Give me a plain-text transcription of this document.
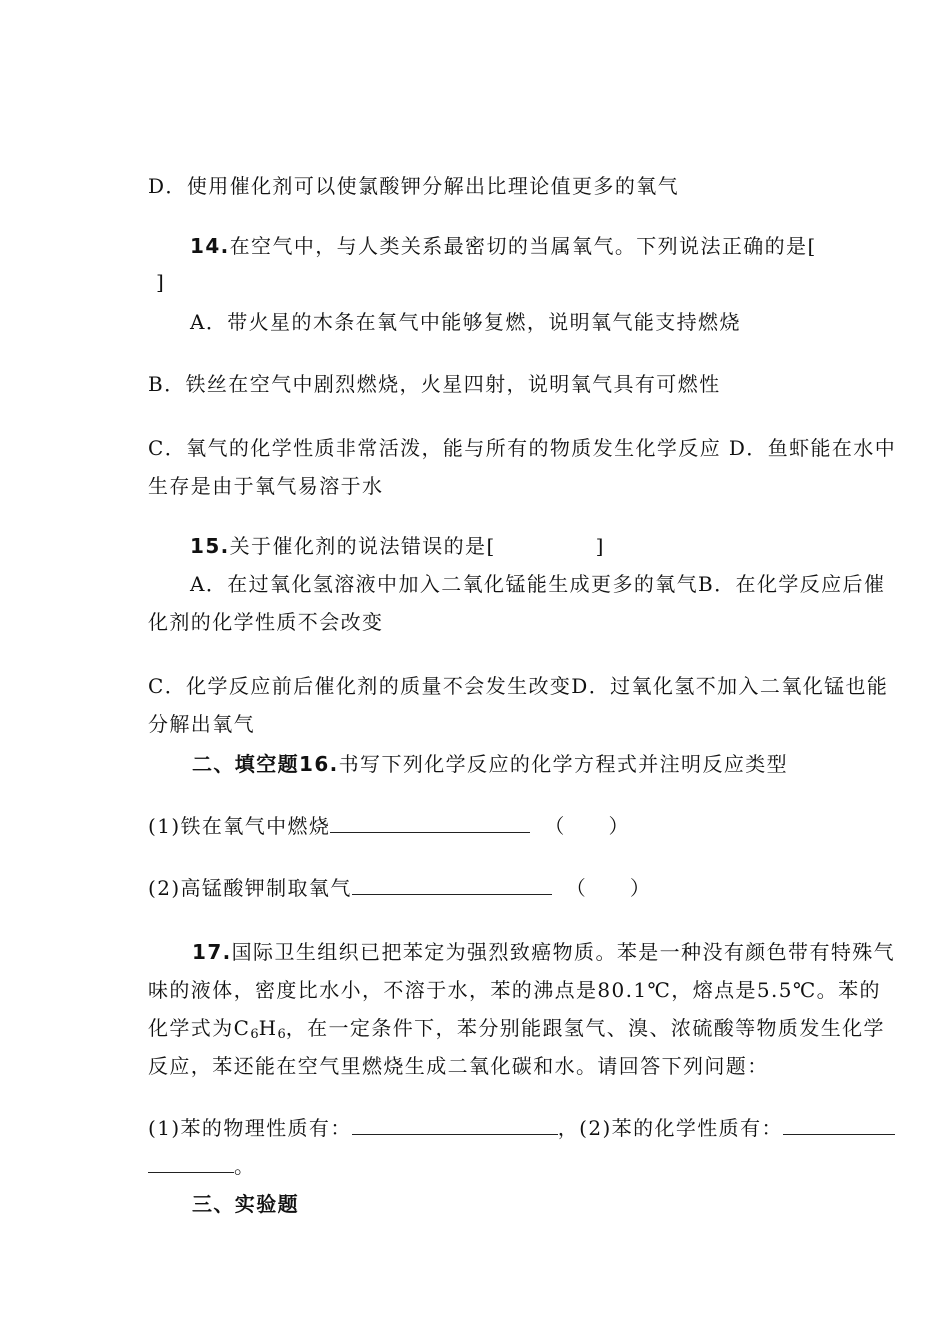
D．使用催化剂可以使氯酸钾分解出比理论值更多的氧气
14.在空气中，与人类关系最密切的当属氧气。下列说法正确的是[
]
A．带火星的木条在氧气中能够复燃，说明氧气能支持燃烧
B．铁丝在空气中剧烈燃烧，火星四射，说明氧气具有可燃性
C．氧气的化学性质非常活泼，能与所有的物质发生化学反应 D．鱼虾能在水中
生存是由于氧气易溶于水
15.关于催化剂的说法错误的是[	]
A．在过氧化氢溶液中加入二氧化锰能生成更多的氧气B．在化学反应后催
化剂的化学性质不会改变
C．化学反应前后催化剂的质量不会发生改变D．过氧化氢不加入二氧化锰也能
分解出氧气
二、填空题16.书写下列化学反应的化学方程式并注明反应类型
(1)铁在氧气中燃烧	（　　）
(2)高锰酸钾制取氧气	（　　）
17.国际卫生组织已把苯定为强烈致癌物质。苯是一种没有颜色带有特殊气
味的液体，密度比水小，不溶于水，苯的沸点是80.1℃，熔点是5.5℃。苯的
化学式为$C_6H_6$，在一定条件下，苯分别能跟氢气、溴、浓硫酸等物质发生化学
反应，苯还能在空气里燃烧生成二氧化碳和水。请回答下列问题：
(1)苯的物理性质有：	，(2)苯的化学性质有：
。
三、实验题
